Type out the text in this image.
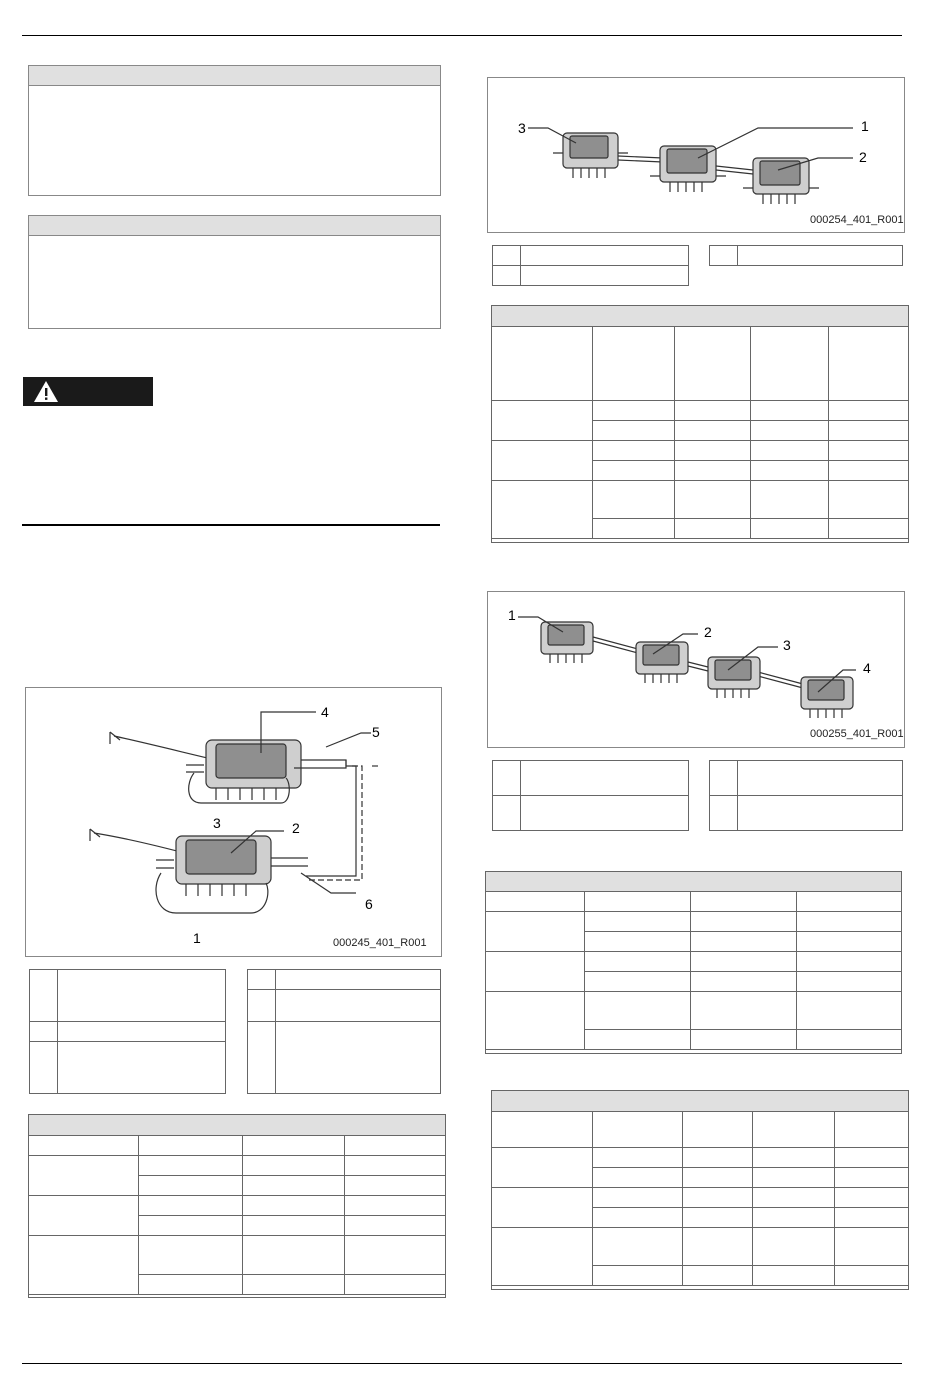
4
5
3	2
6
1	000245_401_R001

3	1
2
000254_401_R001

1
2
3
4
000255_401_R001
